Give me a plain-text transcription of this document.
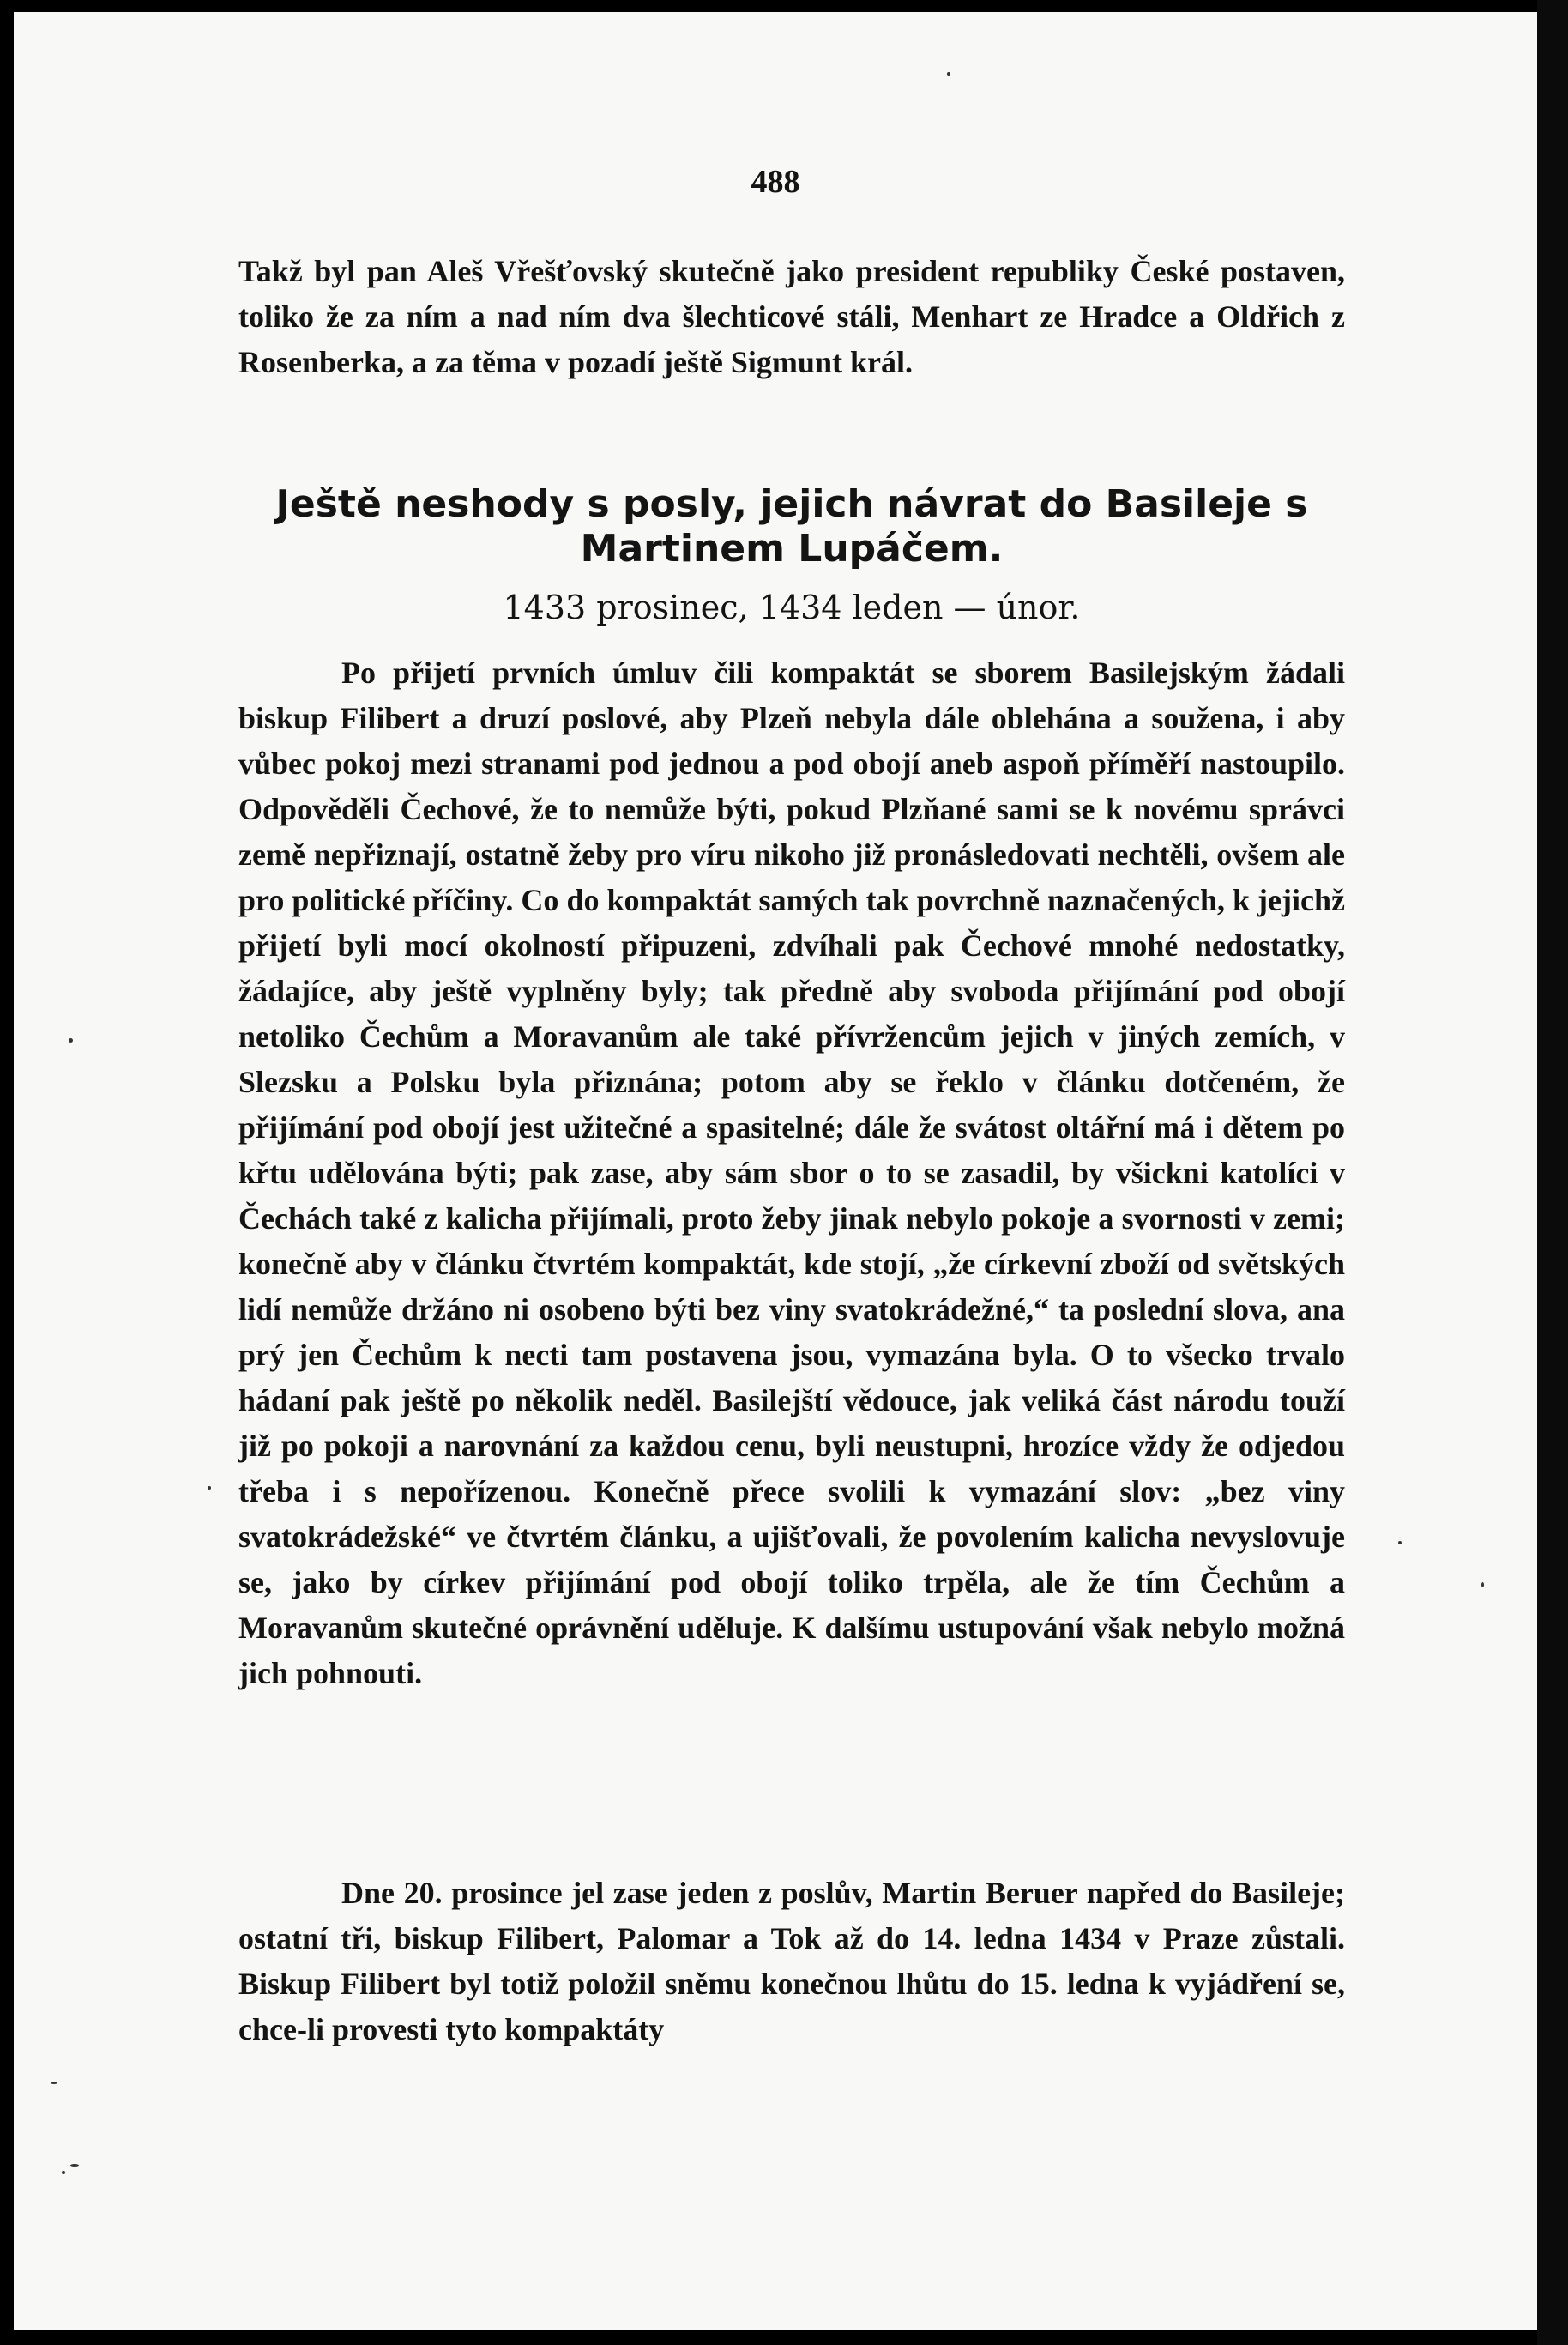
488
Takž byl pan Aleš Vřešťovský skutečně jako president republiky České postaven, toliko že za ním a nad ním dva šlechticové stáli, Menhart ze Hradce a Oldřich z Rosenberka, a za těma v pozadí ještě Sigmunt král.
Ještě neshody s posly, jejich návrat do Basileje s Martinem Lupáčem.
1433 prosinec, 1434 leden — únor.
Po přijetí prvních úmluv čili kompaktát se sborem Basilejským žádali biskup Filibert a druzí poslové, aby Plzeň nebyla dále oblehána a soužena, i aby vůbec pokoj mezi stranami pod jednou a pod obojí aneb aspoň příměří nastoupilo. Odpověděli Čechové, že to nemůže býti, pokud Plzňané sami se k novému správci země nepřiznají, ostatně žeby pro víru nikoho již pronásledovati nechtěli, ovšem ale pro politické příčiny. Co do kompaktát samých tak povrchně naznačených, k jejichž přijetí byli mocí okolností připuzeni, zdvíhali pak Čechové mnohé nedostatky, žádajíce, aby ještě vyplněny byly; tak předně aby svoboda přijímání pod obojí netoliko Čechům a Moravanům ale také přívržencům jejich v jiných zemích, v Slezsku a Polsku byla přiznána; potom aby se řeklo v článku dotčeném, že přijímání pod obojí jest užitečné a spasitelné; dále že svátost oltářní má i dětem po křtu udělována býti; pak zase, aby sám sbor o to se zasadil, by všickni katolíci v Čechách také z kalicha přijímali, proto žeby jinak nebylo pokoje a svornosti v zemi; konečně aby v článku čtvrtém kompaktát, kde stojí, „že církevní zboží od světských lidí nemůže držáno ni osobeno býti bez viny svatokrádežné,“ ta poslední slova, ana prý jen Čechům k necti tam postavena jsou, vymazána byla. O to všecko trvalo hádaní pak ještě po několik neděl. Basilejští vědouce, jak veliká část národu touží již po pokoji a narovnání za každou cenu, byli neustupni, hrozíce vždy že odjedou třeba i s nepořízenou. Konečně přece svolili k vymazání slov: „bez viny svatokrádežské“ ve čtvrtém článku, a ujišťovali, že povolením kalicha nevyslovuje se, jako by církev přijímání pod obojí toliko trpěla, ale že tím Čechům a Moravanům skutečné oprávnění uděluje. K dalšímu ustupování však nebylo možná jich pohnouti.
Dne 20. prosince jel zase jeden z poslův, Martin Beruer napřed do Basileje; ostatní tři, biskup Filibert, Palomar a Tok až do 14. ledna 1434 v Praze zůstali. Biskup Filibert byl totiž položil sněmu konečnou lhůtu do 15. ledna k vyjádření se, chce-li provesti tyto kompaktáty
